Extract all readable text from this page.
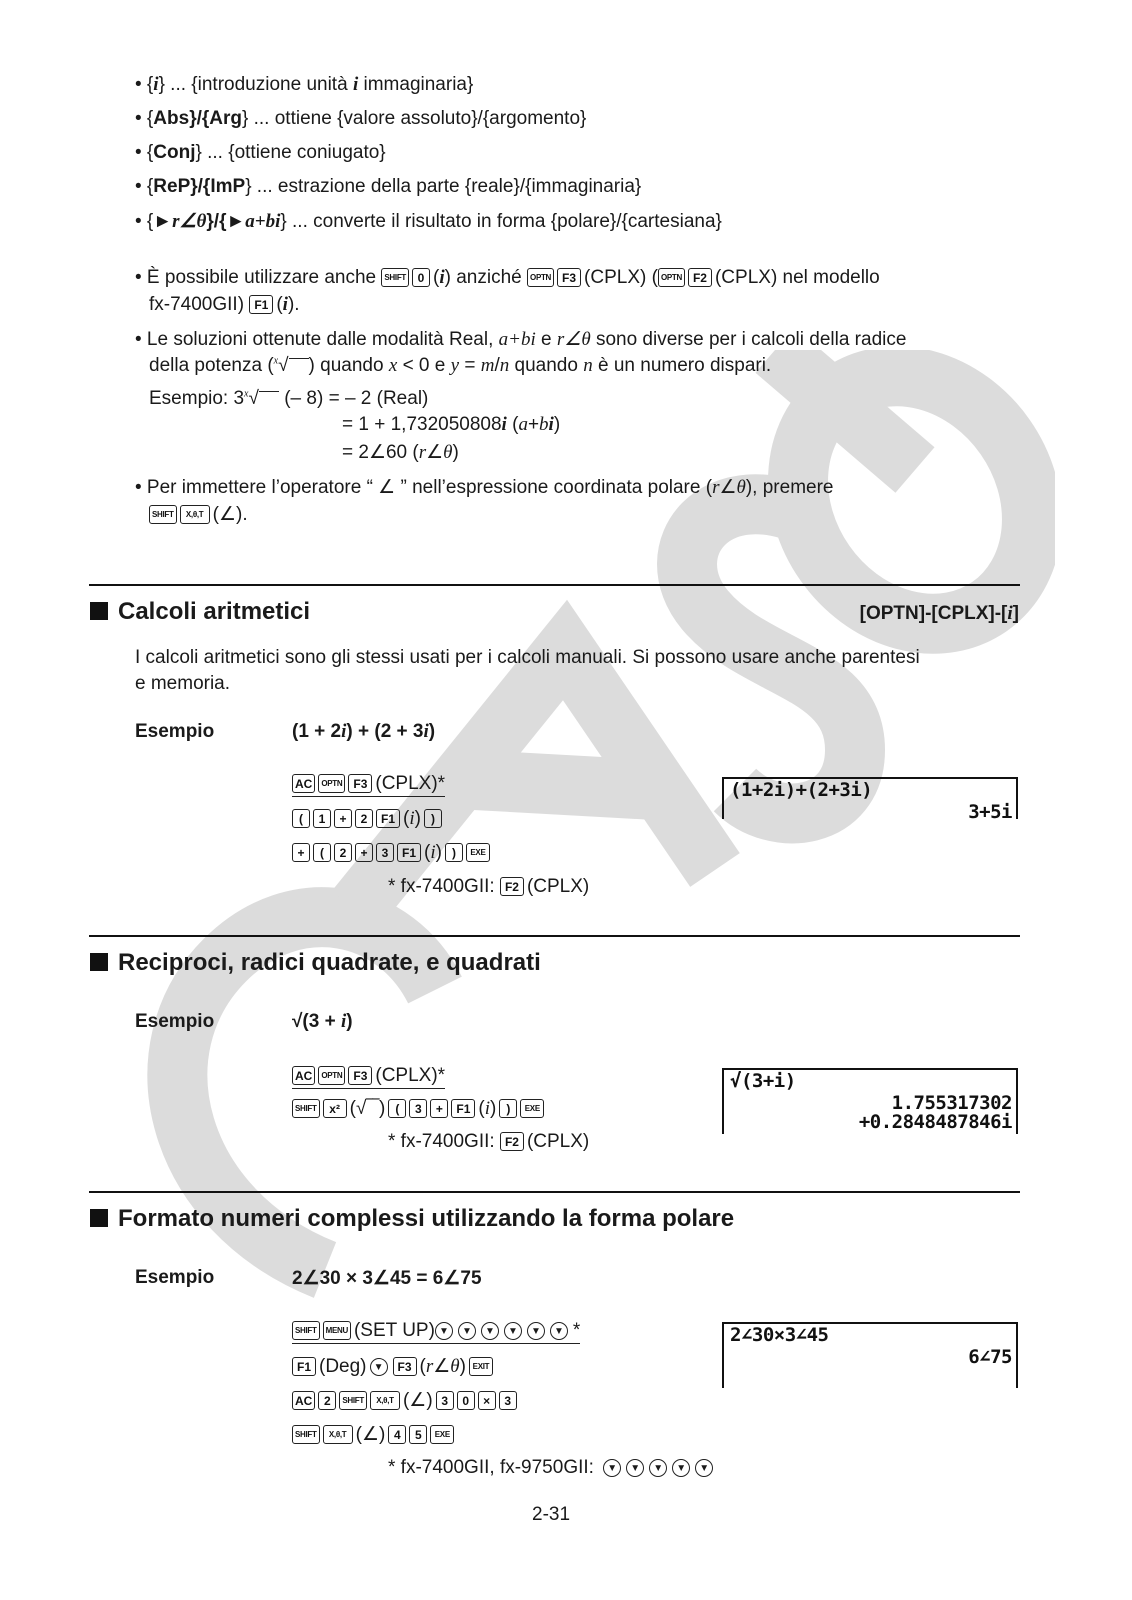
• {i} ... {introduzione unità i immaginaria}
• {Abs}/{Arg} ... ottiene {valore assoluto}/{argomento}
• {Conj} ... {ottiene coniugato}
• {ReP}/{ImP} ... estrazione della parte {reale}/{immaginaria}
• {►r∠θ}/{►a+bi} ... converte il risultato in forma {polare}/{cartesiana}
• È possibile utilizzare anche SHIFT 0 (i) anziché OPTN F3 (CPLX) ( OPTN F2 (CPLX) nel modello
fx-7400GII) F1 (i).
• Le soluzioni ottenute dalle modalità Real, a+bi e r∠θ sono diverse per i calcoli della radice
della potenza ($^x$√ ) quando x < 0 e y = m/n quando n è un numero dispari.
Esempio: 3$^x$√ (– 8) = – 2 (Real)
= 1 + 1,732050808i (a+bi)
= 2∠60 (r∠θ)
• Per immettere l’operatore “ ∠ ” nell’espressione coordinata polare (r∠θ), premere
SHIFT X,θ,T (∠).
Calcoli aritmetici	[OPTN]-[CPLX]-[i]
I calcoli aritmetici sono gli stessi usati per i calcoli manuali. Si possono usare anche parentesi
e memoria.
Esempio	(1 + 2i) + (2 + 3i)
AC OPTN F3 (CPLX)*
( 1 + 2 F1 (i) )
+ ( 2 + 3 F1 (i) ) EXE
* fx-7400GII: F2 (CPLX)
(1+2i)+(2+3i)
3+5i
Reciproci, radici quadrate, e quadrati
Esempio	√(3 + i)
AC OPTN F3 (CPLX)*
SHIFT x² (√‾‾) ( 3 + F1 (i) ) EXE
* fx-7400GII: F2 (CPLX)
√(3+i)
1.755317302
+0.2848487846i
Formato numeri complessi utilizzando la forma polare
Esempio	2∠30 × 3∠45 = 6∠75
SHIFT MENU (SET UP) ▼ ▼ ▼ ▼ ▼ ▼ *
F1 (Deg) ▼ F3 (r∠θ) EXIT
AC 2 SHIFT X,θ,T (∠) 3 0 × 3
SHIFT X,θ,T (∠) 4 5 EXE
* fx-7400GII, fx-9750GII: ▼ ▼ ▼ ▼ ▼
2∠30×3∠45
6∠75
2-31
